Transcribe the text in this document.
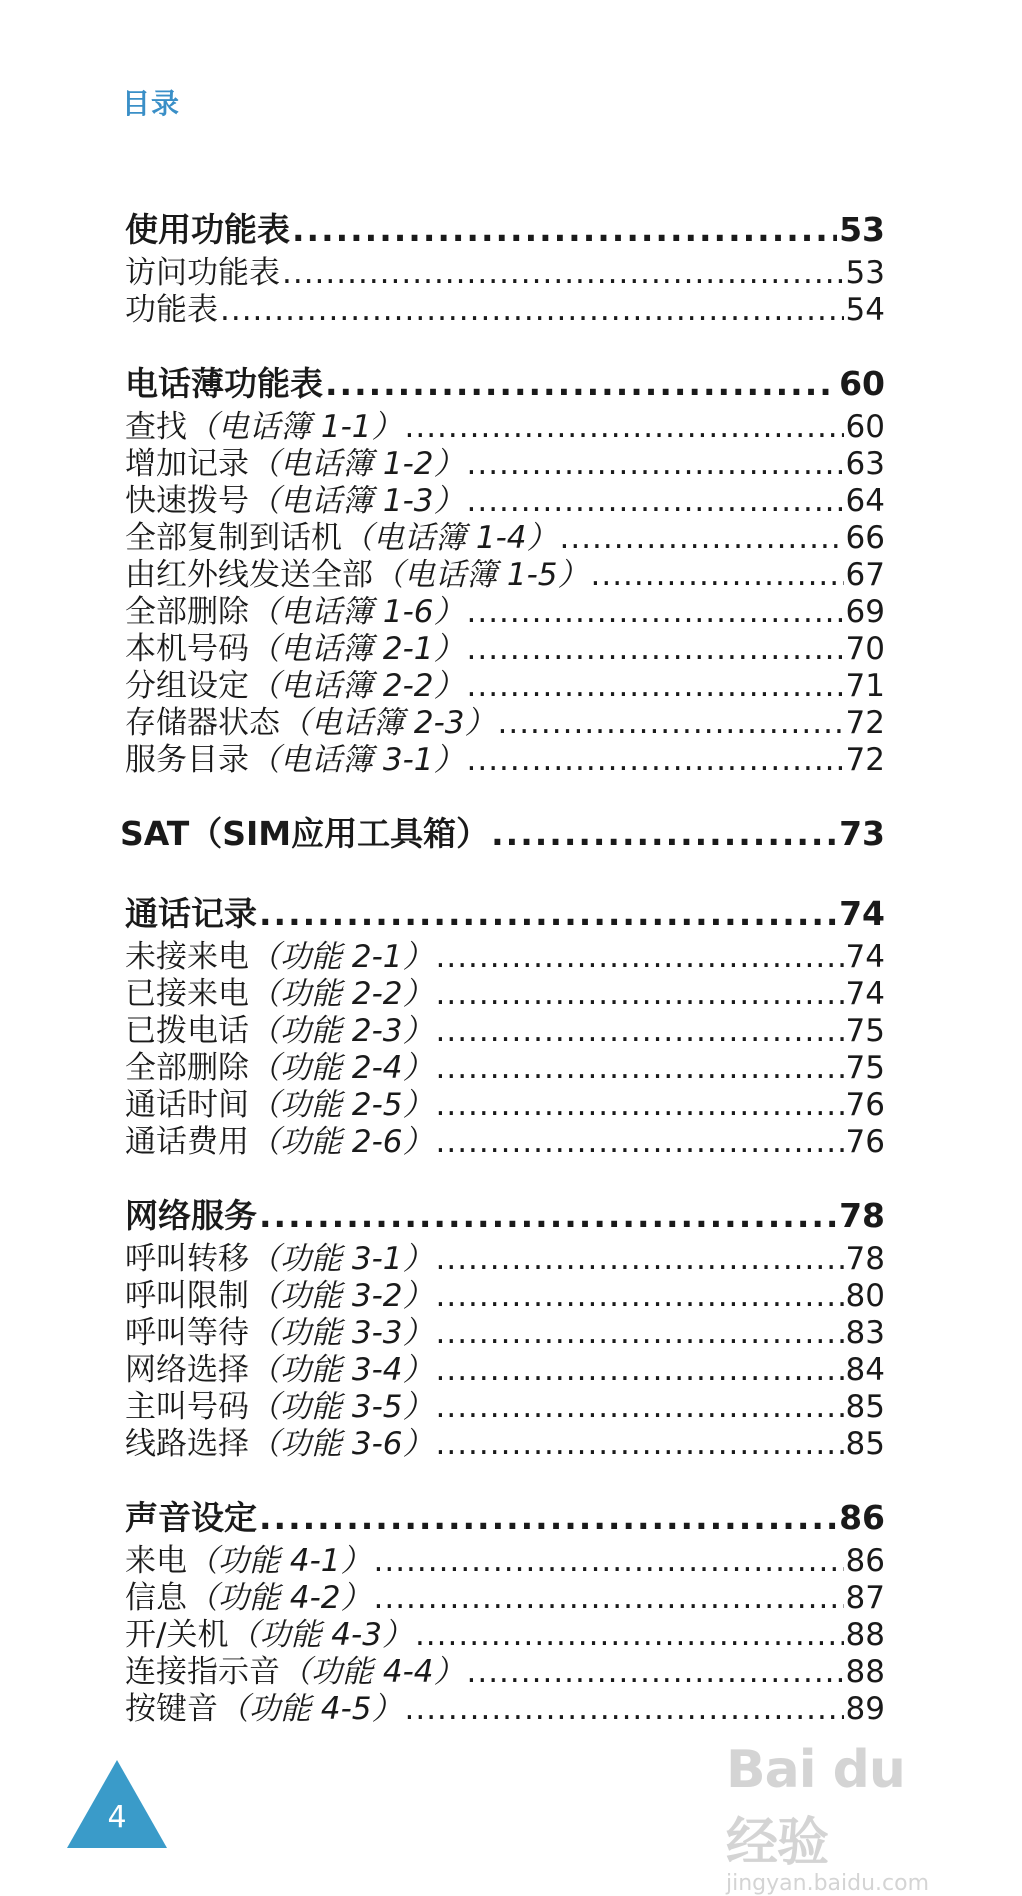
目录
使用功能表 .....	53
访问功能表 .....	53
功能表 .....	54
电话薄功能表 .....	60
查找 （电话簿 1-1） .....	60
增加记录 （电话簿 1-2） .....	63
快速拨号 （电话簿 1-3） .....	64
全部复制到话机 （电话簿 1-4） .....	66
由红外线发送全部 （电话簿 1-5） .....	67
全部删除 （电话簿 1-6） .....	69
本机号码 （电话簿 2-1） .....	70
分组设定 （电话簿 2-2） .....	71
存储器状态 （电话簿 2-3） .....	72
服务目录 （电话簿 3-1） .....	72
SAT（SIM应用工具箱） .....	73
通话记录 .....	74
未接来电 （功能 2-1） .....	74
已接来电 （功能 2-2） .....	74
已拨电话 （功能 2-3） .....	75
全部删除 （功能 2-4） .....	75
通话时间 （功能 2-5） .....	76
通话费用 （功能 2-6） .....	76
网络服务 .....	78
呼叫转移 （功能 3-1） .....	78
呼叫限制 （功能 3-2） .....	80
呼叫等待 （功能 3-3） .....	83
网络选择 （功能 3-4） .....	84
主叫号码 （功能 3-5） .....	85
线路选择 （功能 3-6） .....	85
声音设定 .....	86
来电 （功能 4-1） .....	86
信息 （功能 4-2） .....	87
开/关机 （功能 4-3） .....	88
连接指示音 （功能 4-4） .....	88
按键音 （功能 4-5） .....	89
4
Bai du 经验
jingyan.baidu.com
